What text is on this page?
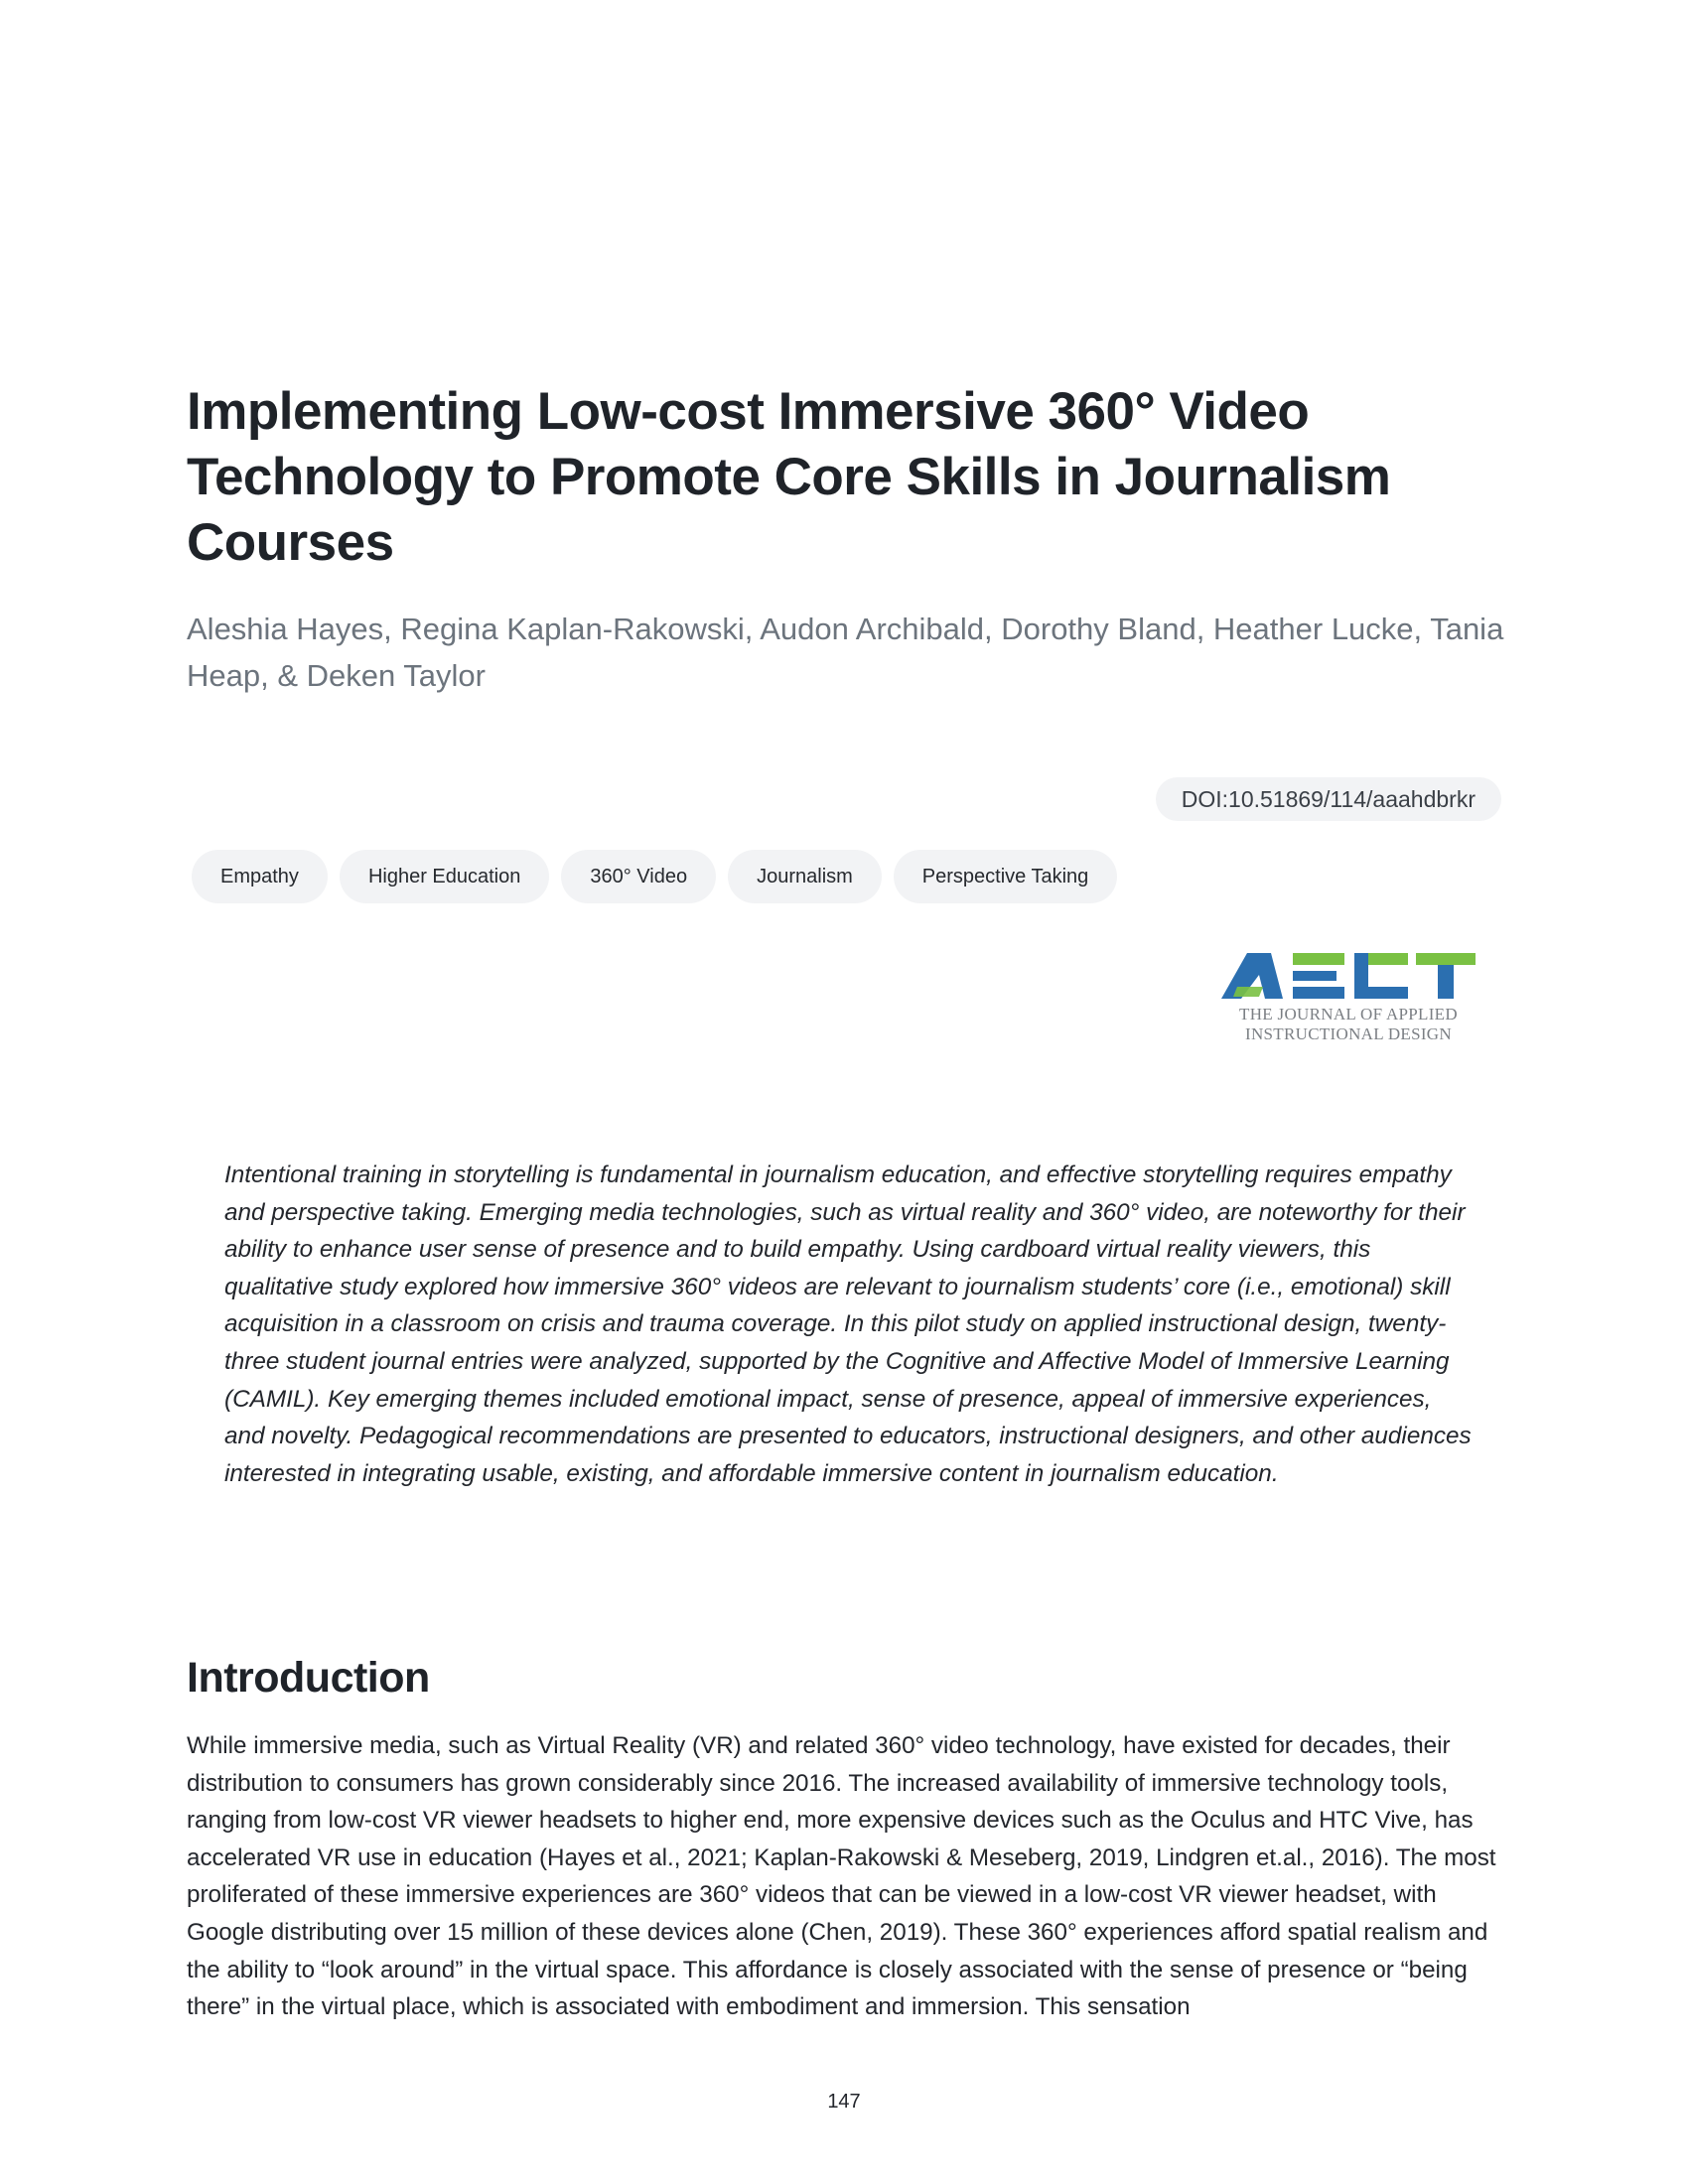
Implementing Low-cost Immersive 360° Video Technology to Promote Core Skills in Journalism Courses
Aleshia Hayes, Regina Kaplan-Rakowski, Audon Archibald, Dorothy Bland, Heather Lucke, Tania Heap, & Deken Taylor
DOI:10.51869/114/aaahdbrkr
Empathy	Higher Education	360° Video	Journalism	Perspective Taking
THE JOURNAL OF APPLIED
INSTRUCTIONAL DESIGN

Intentional training in storytelling is fundamental in journalism education, and effective storytelling requires empathy and perspective taking. Emerging media technologies, such as virtual reality and 360° video, are noteworthy for their ability to enhance user sense of presence and to build empathy. Using cardboard virtual reality viewers, this qualitative study explored how immersive 360° videos are relevant to journalism students’ core (i.e., emotional) skill acquisition in a classroom on crisis and trauma coverage. In this pilot study on applied instructional design, twenty-three student journal entries were analyzed, supported by the Cognitive and Affective Model of Immersive Learning (CAMIL). Key emerging themes included emotional impact, sense of presence, appeal of immersive experiences, and novelty. Pedagogical recommendations are presented to educators, instructional designers, and other audiences interested in integrating usable, existing, and affordable immersive content in journalism education.

Introduction

While immersive media, such as Virtual Reality (VR) and related 360° video technology, have existed for decades, their distribution to consumers has grown considerably since 2016. The increased availability of immersive technology tools, ranging from low-cost VR viewer headsets to higher end, more expensive devices such as the Oculus and HTC Vive, has accelerated VR use in education (Hayes et al., 2021; Kaplan-Rakowski & Meseberg, 2019, Lindgren et.al., 2016). The most proliferated of these immersive experiences are 360° videos that can be viewed in a low-cost VR viewer headset, with Google distributing over 15 million of these devices alone (Chen, 2019). These 360° experiences afford spatial realism and the ability to “look around” in the virtual space. This affordance is closely associated with the sense of presence or “being there” in the virtual place, which is associated with embodiment and immersion. This sensation

147
